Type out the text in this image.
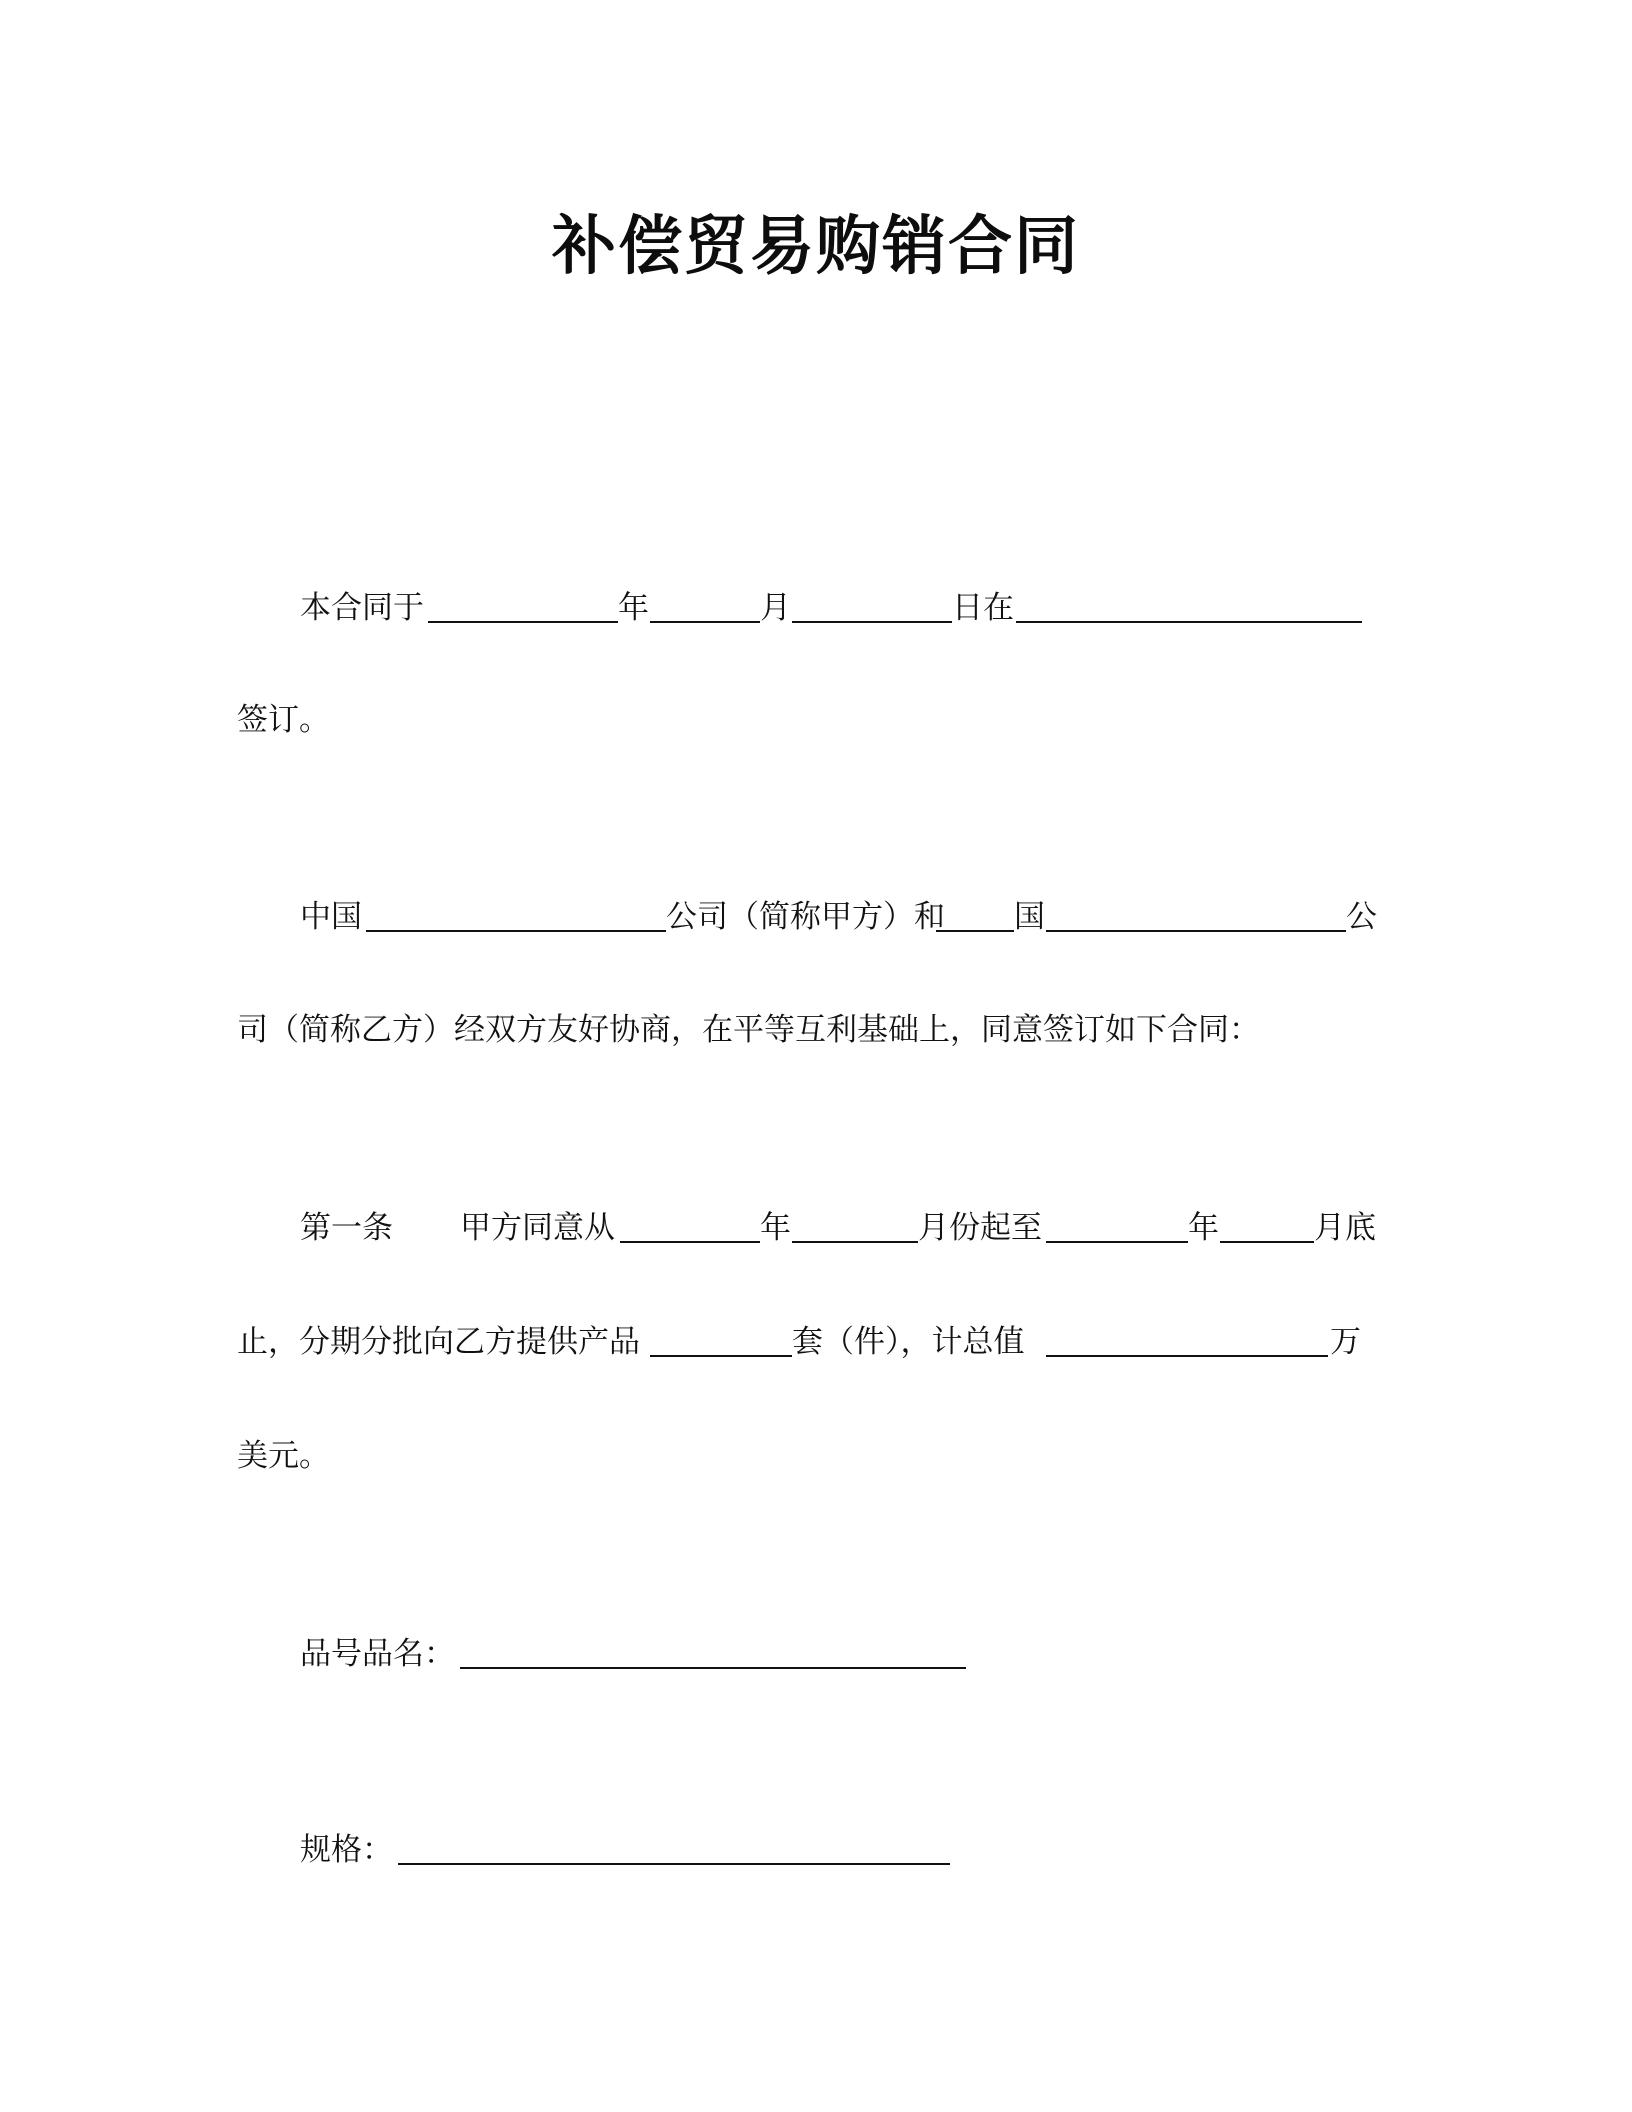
补偿贸易购销合同
本合同于	年	月	日在
签订。
中国	公司（简称甲方）和 国	公
司（简称乙方）经双方友好协商，在平等互利基础上，同意签订如下合同：
第一条 甲方同意从	年	月份起至	年	月底
止，分期分批向乙方提供产品	套（件），计总值	万
美元。
品号品名：
规格：
